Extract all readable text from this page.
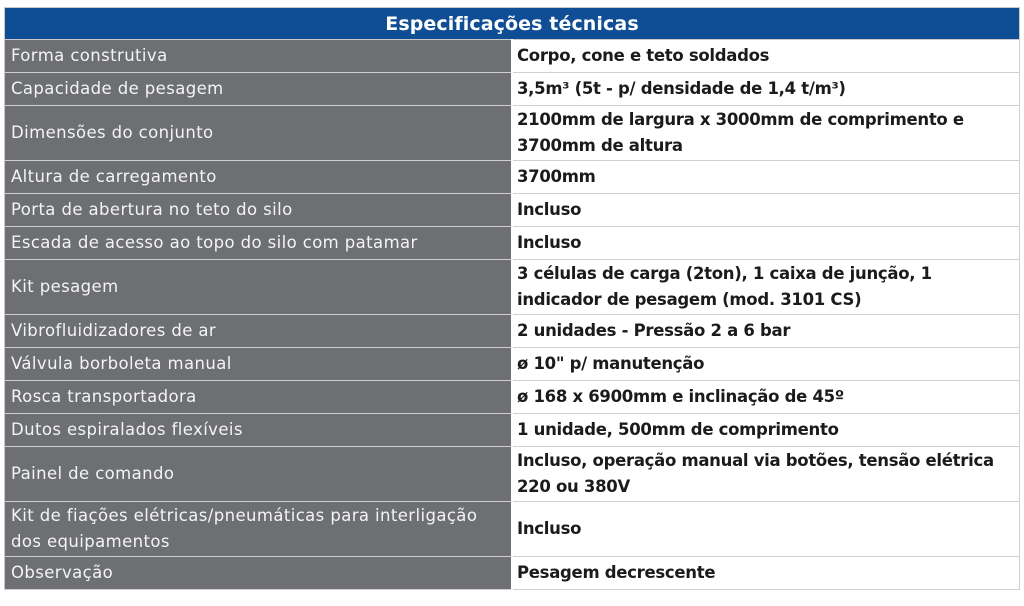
Especificações técnicas	
Forma construtiva	Corpo, cone e teto soldados
Capacidade de pesagem	3,5m³ (5t - p/ densidade de 1,4 t/m³)
Dimensões do conjunto	2100mm de largura x 3000mm de comprimento e 3700mm de altura
Altura de carregamento	3700mm
Porta de abertura no teto do silo	Incluso
Escada de acesso ao topo do silo com patamar	Incluso
Kit pesagem	3 células de carga (2ton), 1 caixa de junção, 1 indicador de pesagem (mod. 3101 CS)
Vibrofluidizadores de ar	2 unidades - Pressão 2 a 6 bar
Válvula borboleta manual	ø 10" p/ manutenção
Rosca transportadora	ø 168 x 6900mm e inclinação de 45º
Dutos espiralados flexíveis	1 unidade, 500mm de comprimento
Painel de comando	Incluso, operação manual via botões, tensão elétrica 220 ou 380V
Kit de fiações elétricas/pneumáticas para interligação dos equipamentos	Incluso
Observação	Pesagem decrescente
